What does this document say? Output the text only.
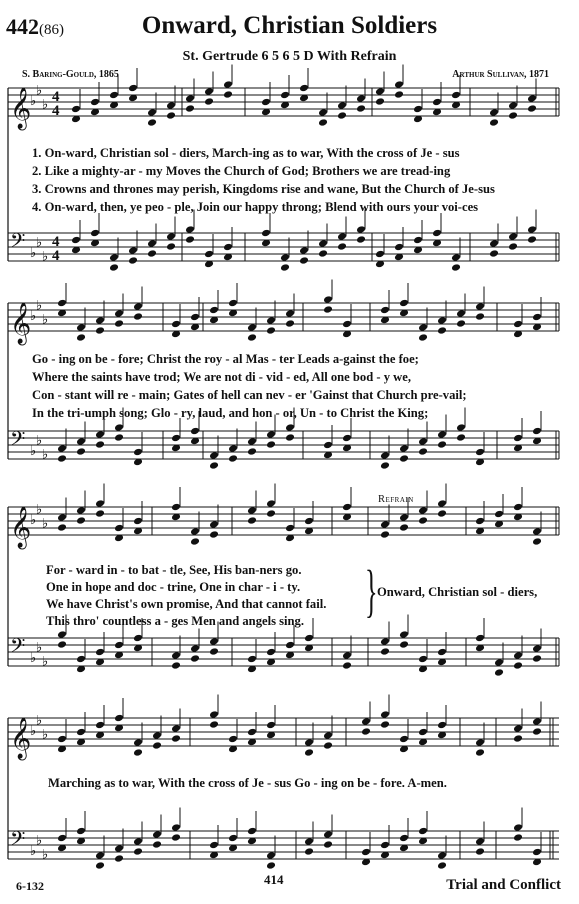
442(86)	Onward, Christian Soldiers
St. Gertrude 6 5 6 5 D With Refrain
S. Baring-Gould, 1865	Arthur Sullivan, 1871
𝄞
♭
♭
♭ 4
4
𝄢 ♭
♭
♭
4
4
1. On-ward, Christian sol - diers, March-ing as to war, With the cross of Je - sus
2. Like a mighty-ar - my Moves the Church of God; Brothers we are tread-ing
3. Crowns and thrones may perish, Kingdoms rise and wane, But the Church of Je-sus
4. On-ward, then, ye peo - ple, Join our happy throng; Blend with ours your voi-ces
𝄞
♭
♭
♭
𝄢 ♭
♭
♭
Go - ing on be - fore; Christ the roy - al Mas - ter Leads a-gainst the foe;
Where the saints have trod; We are not di - vid - ed, All one bod - y we,
Con - stant will re - main; Gates of hell can nev - er 'Gainst that Church pre-vail;
In the tri-umph song; Glo - ry, laud, and hon - or, Un - to Christ the King;
Refrain
𝄞
♭
♭
♭
𝄢 ♭
♭
♭
For - ward in - to bat - tle, See, His ban-ners go.
One in hope and doc - trine, One in char - i - ty.
We have Christ's own promise, And that cannot fail.
This thro' countless a - ges Men and angels sing. } Onward, Christian sol - diers,
𝄞
♭
♭
♭
𝄢 ♭
♭
♭
Marching as to war, With the cross of Je - sus Go - ing on be - fore. A-men.
6-132	414	Trial and Conflict
